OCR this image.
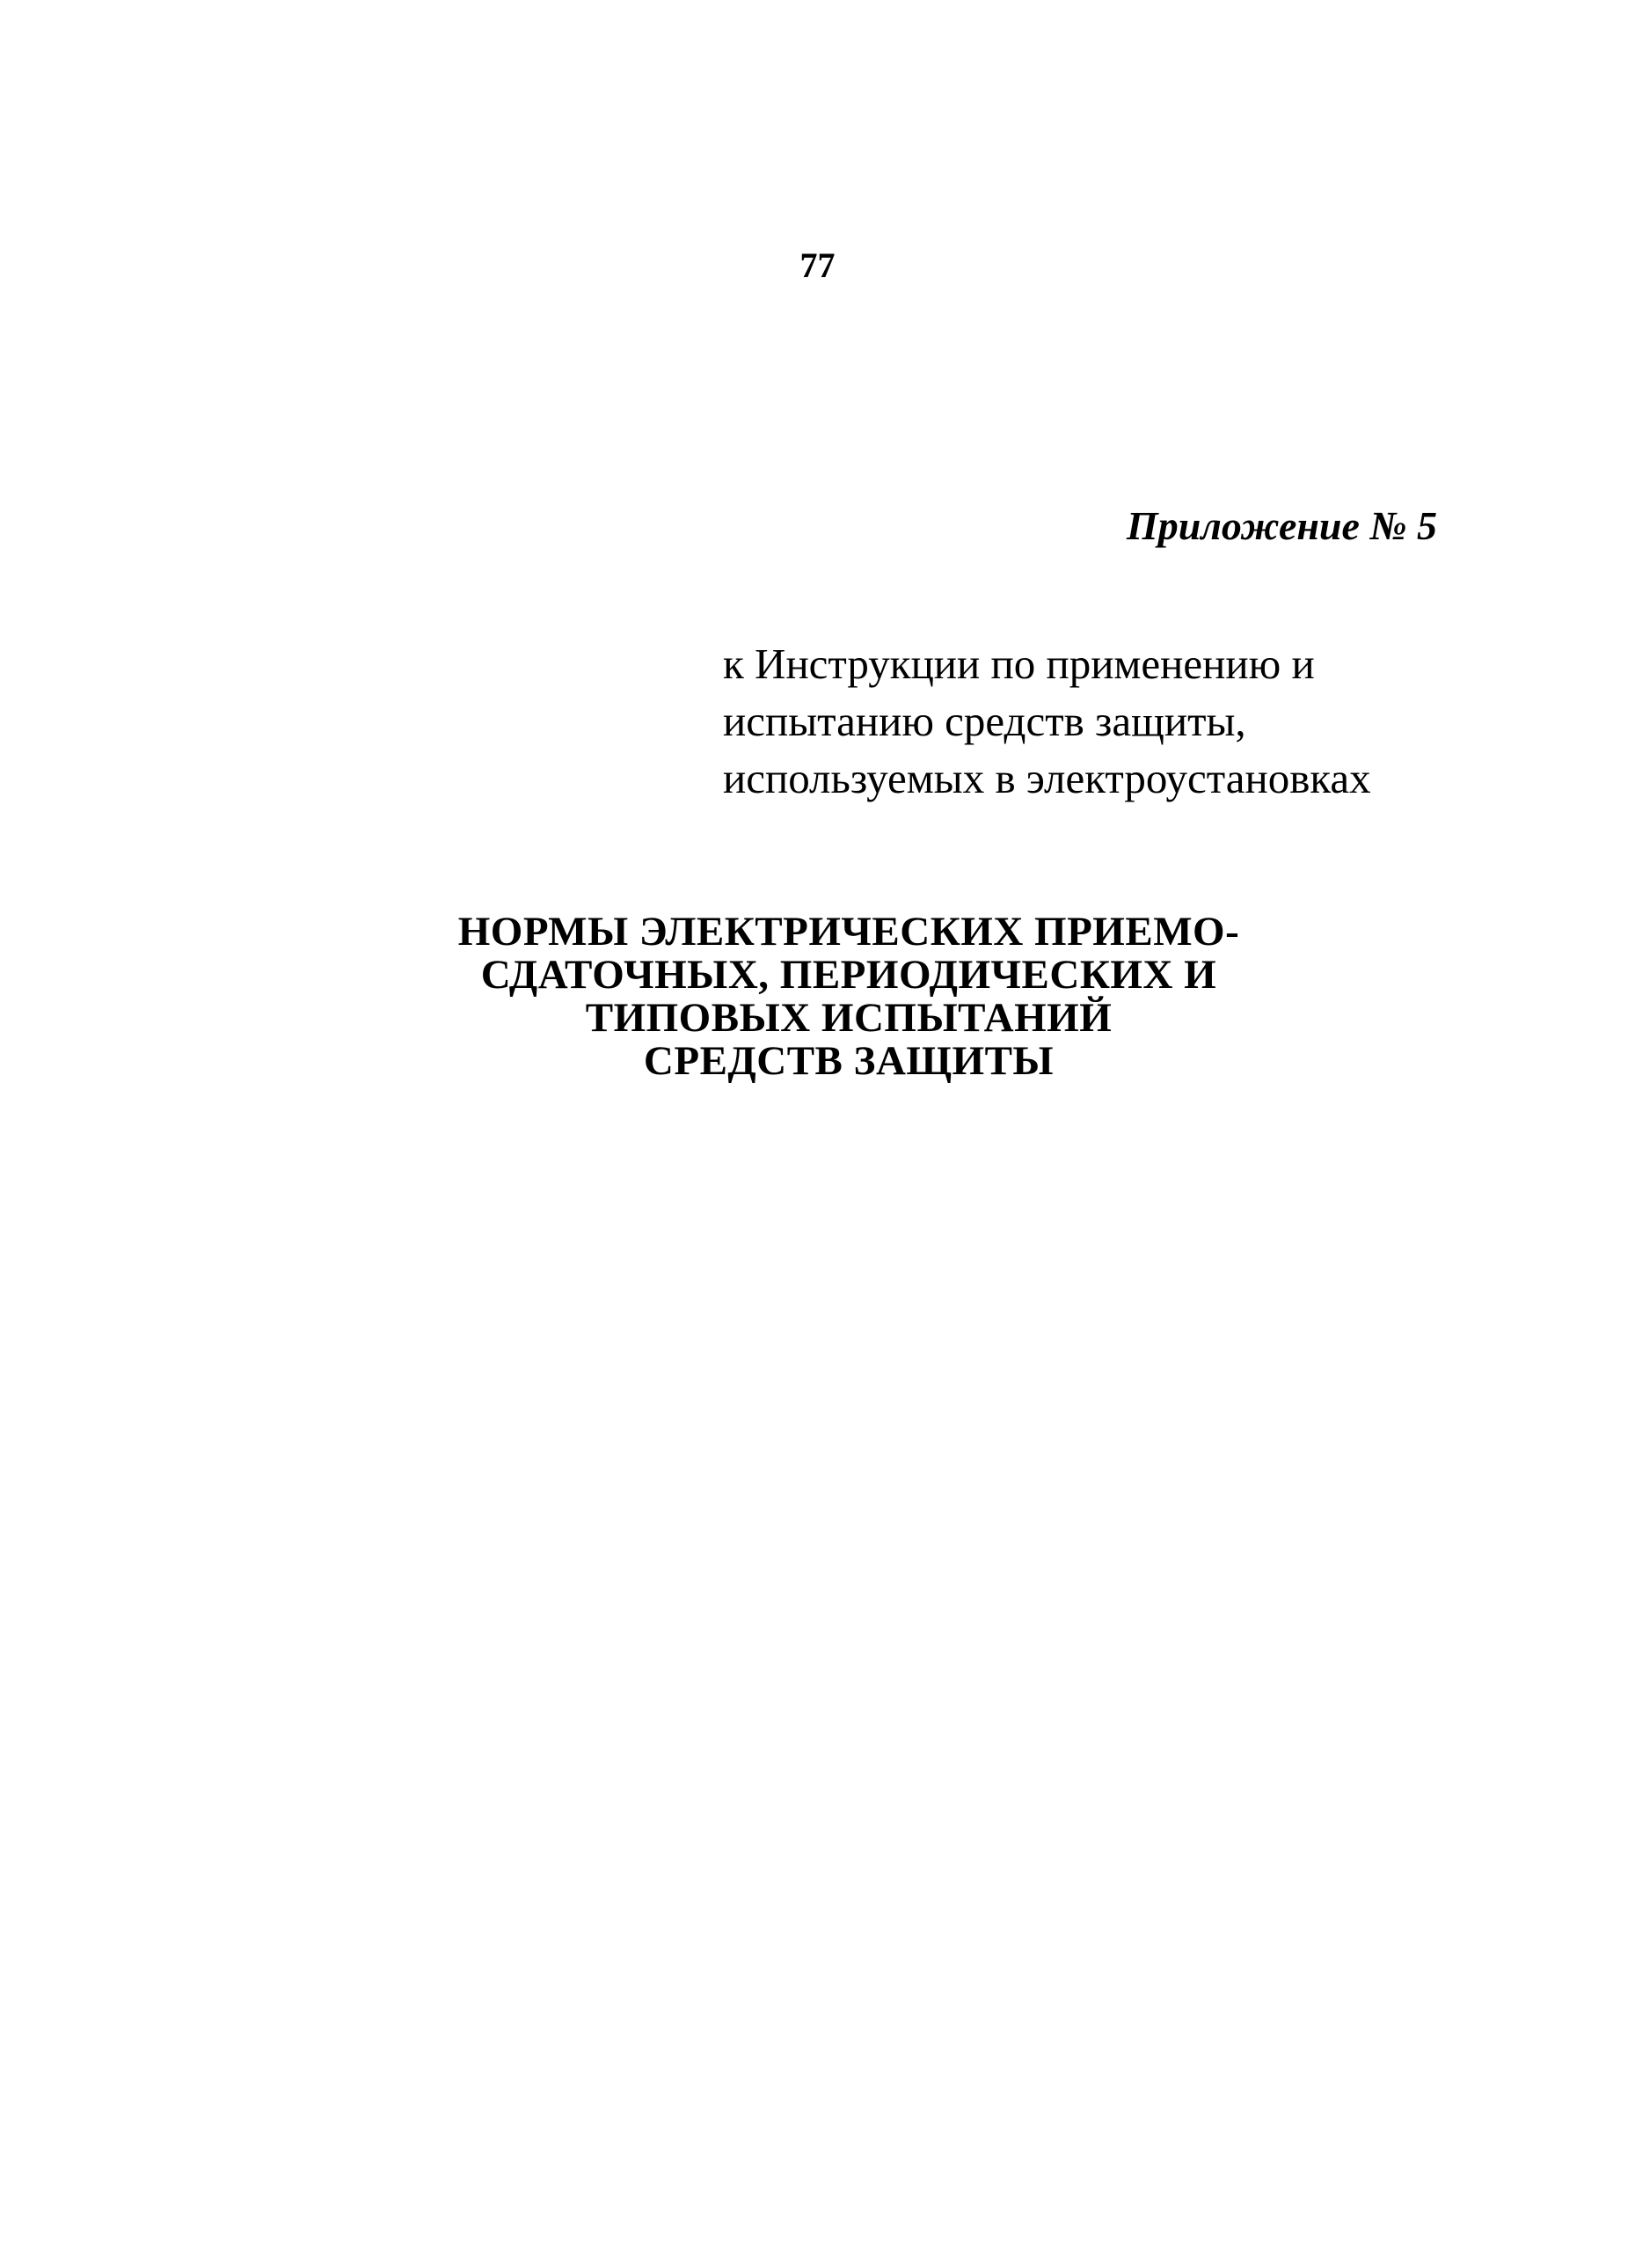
77
Приложение № 5
к Инструкции по применению и
испытанию средств защиты,
используемых в электроустановках
НОРМЫ ЭЛЕКТРИЧЕСКИХ ПРИЕМО-
СДАТОЧНЫХ, ПЕРИОДИЧЕСКИХ И
ТИПОВЫХ ИСПЫТАНИЙ
СРЕДСТВ ЗАЩИТЫ
